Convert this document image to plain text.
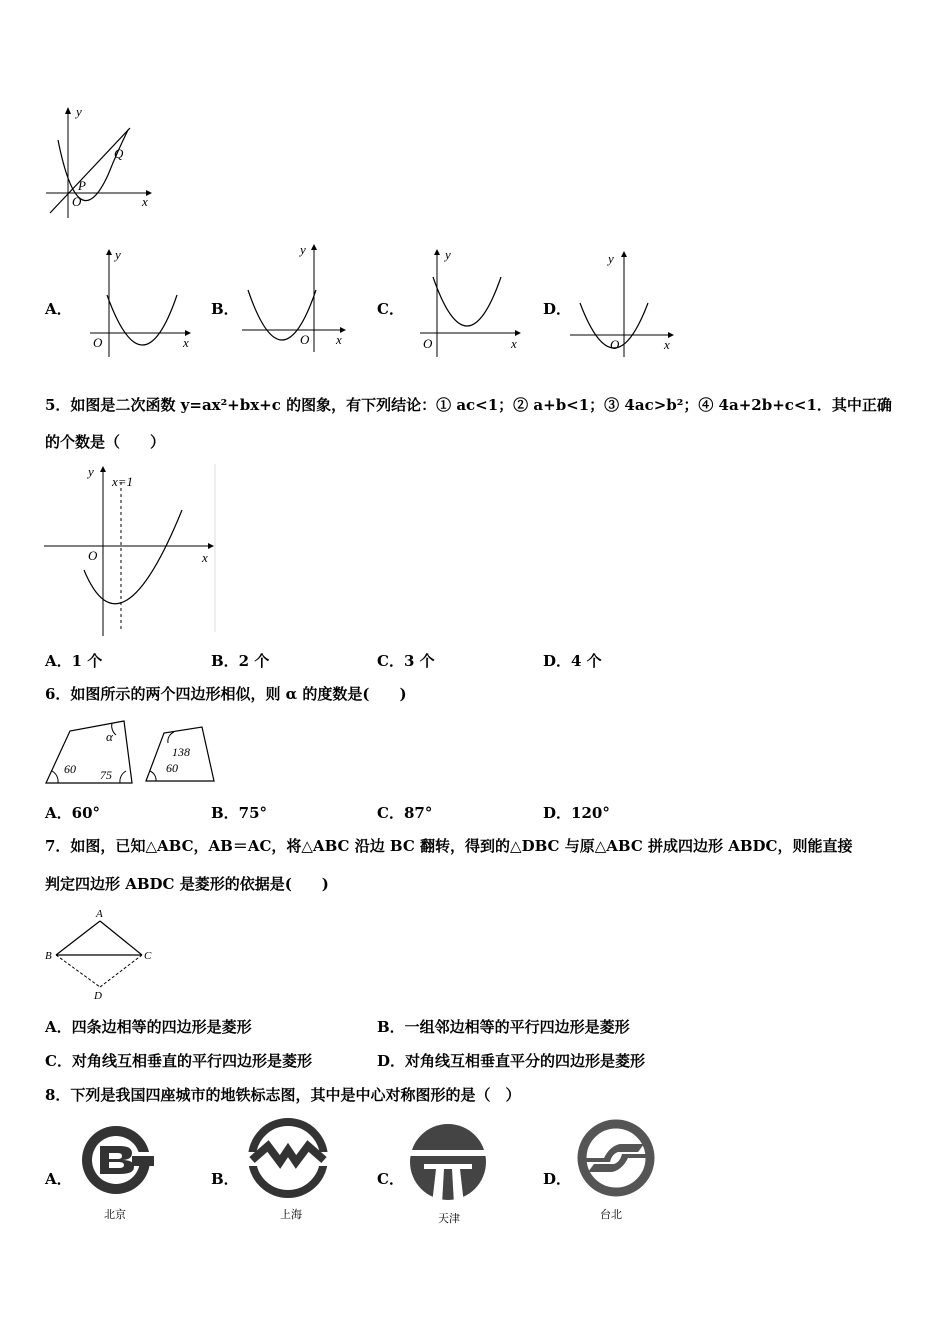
y
x
O
P
Q
A．
y
x
O
B．
y
x
O
C．
y
x
O
D．
y
x
O
5．如图是二次函数 y=ax²+bx+c 的图象，有下列结论：① ac<1；② a+b<1；③ 4ac>b²；④ 4a+2b+c<1．其中正确
的个数是（　　）
y
x=1
O	x
A．1 个	B．2 个	C．3 个	D．4 个
6．如图所示的两个四边形相似，则 α 的度数是(　　)
α
60 75
138
60
A．60°	B．75°	C．87°	D．120°
7．如图，已知△ABC，AB＝AC，将△ABC 沿边 BC 翻转，得到的△DBC 与原△ABC 拼成四边形 ABDC，则能直接
判定四边形 ABDC 是菱形的依据是(　　)
A
B	C
D
A．四条边相等的四边形是菱形	B．一组邻边相等的平行四边形是菱形
C．对角线互相垂直的平行四边形是菱形	D．对角线互相垂直平分的四边形是菱形
8．下列是我国四座城市的地铁标志图，其中是中心对称图形的是（　）
A．
北京
B．
上海
C．
天津
D．
台北
